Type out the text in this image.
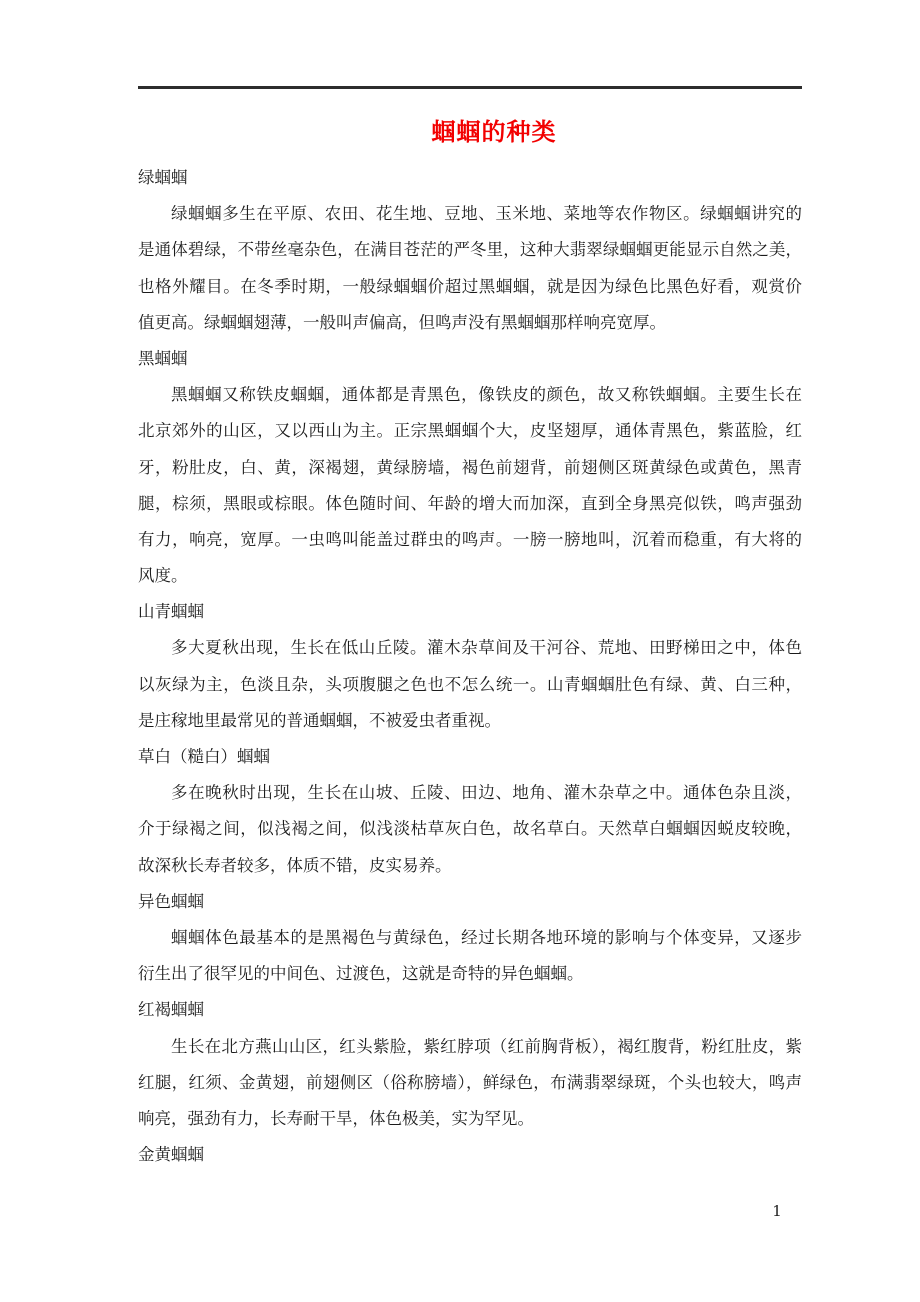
蝈蝈的种类
绿蝈蝈
绿蝈蝈多生在平原、农田、花生地、豆地、玉米地、菜地等农作物区。绿蝈蝈讲究的
是通体碧绿，不带丝毫杂色，在满目苍茫的严冬里，这种大翡翠绿蝈蝈更能显示自然之美，
也格外耀目。在冬季时期，一般绿蝈蝈价超过黑蝈蝈，就是因为绿色比黑色好看，观赏价
值更高。绿蝈蝈翅薄，一般叫声偏高，但鸣声没有黑蝈蝈那样响亮宽厚。
黑蝈蝈
黑蝈蝈又称铁皮蝈蝈，通体都是青黑色，像铁皮的颜色，故又称铁蝈蝈。主要生长在
北京郊外的山区，又以西山为主。正宗黑蝈蝈个大，皮坚翅厚，通体青黑色，紫蓝脸，红
牙，粉肚皮，白、黄，深褐翅，黄绿膀墙，褐色前翅背，前翅侧区斑黄绿色或黄色，黑青
腿，棕须，黑眼或棕眼。体色随时间、年龄的增大而加深，直到全身黑亮似铁，鸣声强劲
有力，响亮，宽厚。一虫鸣叫能盖过群虫的鸣声。一膀一膀地叫，沉着而稳重，有大将的
风度。
山青蝈蝈
多大夏秋出现，生长在低山丘陵。灌木杂草间及干河谷、荒地、田野梯田之中，体色
以灰绿为主，色淡且杂，头项腹腿之色也不怎么统一。山青蝈蝈肚色有绿、黄、白三种，
是庄稼地里最常见的普通蝈蝈，不被爱虫者重视。
草白（糙白）蝈蝈
多在晚秋时出现，生长在山坡、丘陵、田边、地角、灌木杂草之中。通体色杂且淡，
介于绿褐之间，似浅褐之间，似浅淡枯草灰白色，故名草白。天然草白蝈蝈因蜕皮较晚，
故深秋长寿者较多，体质不错，皮实易养。
异色蝈蝈
蝈蝈体色最基本的是黑褐色与黄绿色，经过长期各地环境的影响与个体变异，又逐步
衍生出了很罕见的中间色、过渡色，这就是奇特的异色蝈蝈。
红褐蝈蝈
生长在北方燕山山区，红头紫脸，紫红脖项（红前胸背板），褐红腹背，粉红肚皮，紫
红腿，红须、金黄翅，前翅侧区（俗称膀墙），鲜绿色，布满翡翠绿斑，个头也较大，鸣声
响亮，强劲有力，长寿耐干旱，体色极美，实为罕见。
金黄蝈蝈
1
